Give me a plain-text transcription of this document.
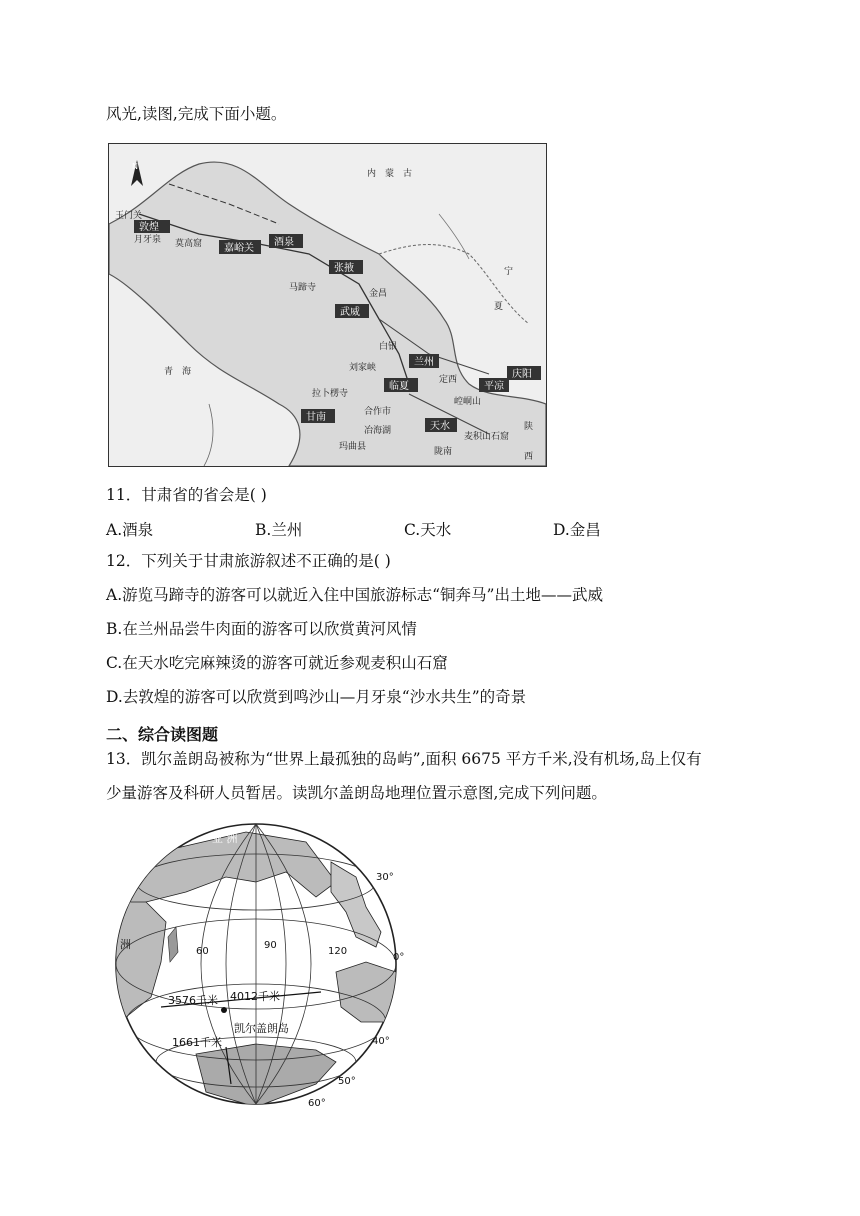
风光,读图,完成下面小题。
N
内　蒙　古
青　海
宁
夏
陕
西
敦煌
嘉峪关
酒泉
张掖
武威
兰州
临夏
甘南
天水
平凉
庆阳
玉门关
月牙泉 莫高窟
马蹄寺
金昌
白银
刘家峡
定西
拉卜楞寺
合作市
崆峒山
麦积山石窟
陇南
玛曲县
冶海湖
11．甘肃省的省会是( )
A.酒泉	B.兰州	C.天水	D.金昌
12．下列关于甘肃旅游叙述不正确的是( )
A.游览马蹄寺的游客可以就近入住中国旅游标志“铜奔马”出土地——武威
B.在兰州品尝牛肉面的游客可以欣赏黄河风情
C.在天水吃完麻辣烫的游客可就近参观麦积山石窟
D.去敦煌的游客可以欣赏到鸣沙山—月牙泉“沙水共生”的奇景
二、综合读图题
13．凯尔盖朗岛被称为“世界上最孤独的岛屿”,面积 6675 平方千米,没有机场,岛上仅有
少量游客及科研人员暂居。读凯尔盖朗岛地理位置示意图,完成下列问题。
亚 洲
洲
3576千米 4012千米
1661千米
凯尔盖朗岛
60
90
120
30°
0°
40°
50°
60°
